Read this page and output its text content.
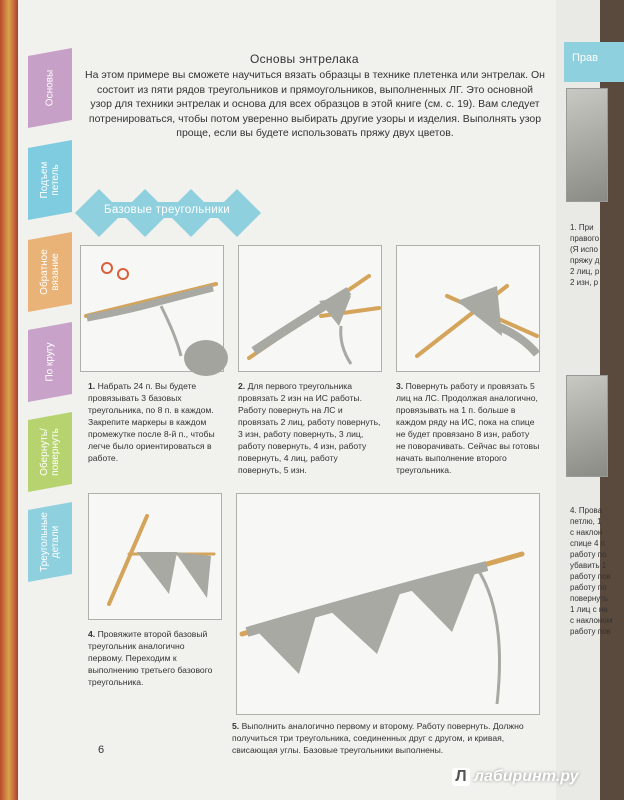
Прав
1. При
правого
(Я испо
пряжу д
2 лиц, р
2 изн, р
4. Прова
петлю, 1
с наклон
спице 4 п
работу по
убавить 1
работу пов
работу по
повернуть
1 лиц с на
с наклоном
работу пов
Основы
Подъем петель
Обратное вязание
По кругу
Обернуть/ повернуть
Треугольные детали
Основы энтрелака
На этом примере вы сможете научиться вязать образцы в технике плетенка или энтрелак. Он состоит из пяти рядов треугольников и прямоугольников, выполненных ЛГ. Это основной узор для техники энтрелак и основа для всех образцов в этой книге (см. с. 19). Вам следует потренироваться, чтобы потом уверенно выбирать другие узоры и изделия. Выполнять узор проще, если вы будете использовать пряжу двух цветов.
Базовые треугольники
1. Набрать 24 п. Вы будете провязывать 3 базовых треугольника, по 8 п. в каждом. Закрепите маркеры в каждом промежутке после 8-й п., чтобы легче было ориентироваться в работе.
2. Для первого треугольника провязать 2 изн на ИС работы. Работу повернуть на ЛС и провязать 2 лиц, работу повернуть, 3 изн, работу повернуть, 3 лиц, работу повернуть, 4 изн, работу повернуть, 4 лиц, работу повернуть, 5 изн.
3. Повернуть работу и провязать 5 лиц на ЛС. Продолжая аналогично, провязывать на 1 п. больше в каждом ряду на ИС, пока на спице не будет провязано 8 изн, работу не поворачивать. Сейчас вы готовы начать выполнение второго треугольника.
4. Провяжите второй базовый треугольник аналогично первому. Переходим к выполнению третьего базового треугольника.
5. Выполнить аналогично первому и второму. Работу повернуть. Должно получиться три треугольника, соединенных друг с другом, и кривая, свисающая углы. Базовые треугольники выполнены.
6
Л лабиринт.ру
